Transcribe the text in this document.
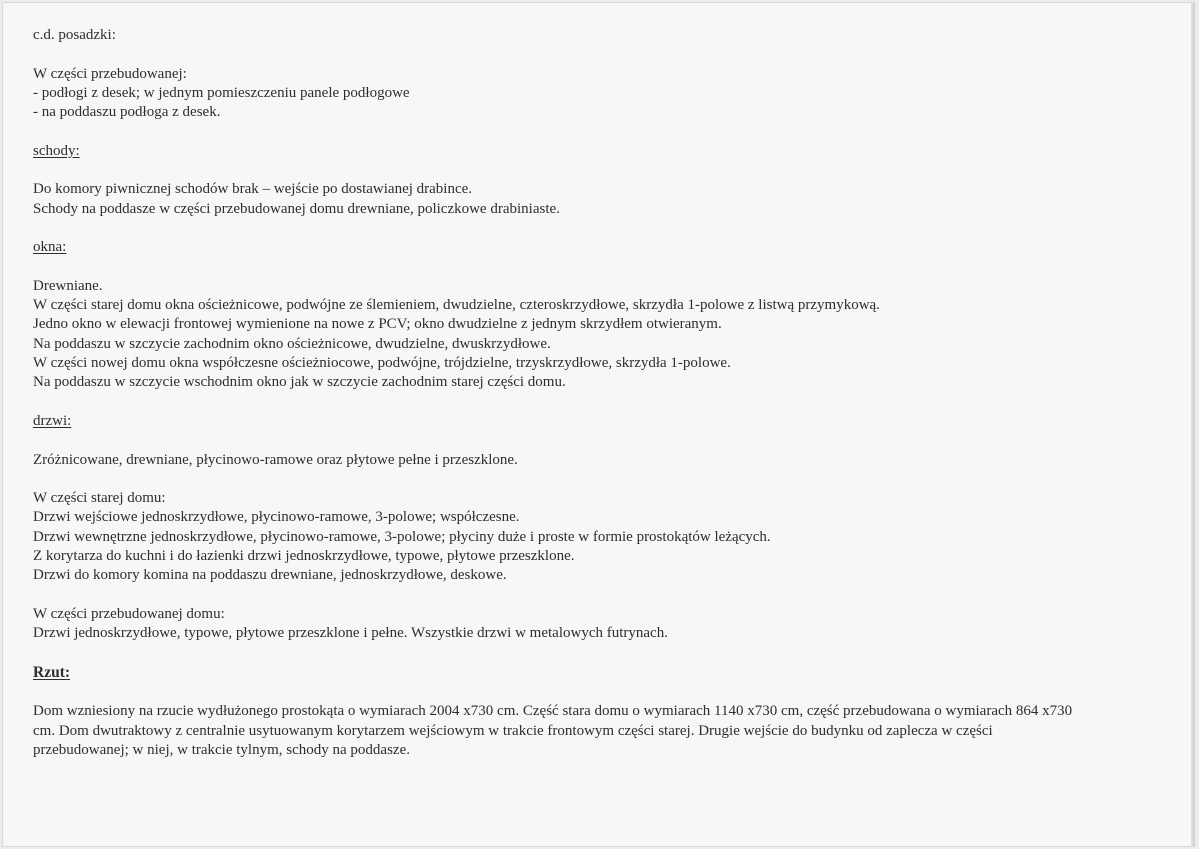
c.d. posadzki:
W części przebudowanej:
- podłogi z desek; w jednym pomieszczeniu panele podłogowe
- na poddaszu podłoga z desek.
schody:
Do komory piwnicznej schodów brak – wejście po dostawianej drabince.
Schody na poddasze w części przebudowanej domu drewniane, policzkowe drabiniaste.
okna:
Drewniane.
W części starej domu okna ościeżnicowe, podwójne ze ślemieniem, dwudzielne, czteroskrzydłowe, skrzydła 1-polowe z listwą przymykową.
Jedno okno w elewacji frontowej wymienione na nowe z PCV; okno dwudzielne z jednym skrzydłem otwieranym.
Na poddaszu w szczycie zachodnim okno ościeżnicowe, dwudzielne, dwuskrzydłowe.
W części nowej domu okna współczesne ościeżniocowe, podwójne, trójdzielne, trzyskrzydłowe, skrzydła 1-polowe.
Na poddaszu w szczycie wschodnim okno jak w szczycie zachodnim starej części domu.
drzwi:
Zróżnicowane, drewniane, płycinowo-ramowe oraz płytowe pełne i przeszklone.
W części starej domu:
Drzwi wejściowe jednoskrzydłowe, płycinowo-ramowe, 3-polowe; współczesne.
Drzwi wewnętrzne jednoskrzydłowe, płycinowo-ramowe, 3-polowe; płyciny duże i proste w formie prostokątów leżących.
Z korytarza do kuchni i do łazienki drzwi jednoskrzydłowe, typowe, płytowe przeszklone.
Drzwi do komory komina na poddaszu drewniane, jednoskrzydłowe, deskowe.
W części przebudowanej domu:
Drzwi jednoskrzydłowe, typowe, płytowe przeszklone i pełne. Wszystkie drzwi w metalowych futrynach.
Rzut:
Dom wzniesiony na rzucie wydłużonego prostokąta o wymiarach 2004 x730 cm. Część stara domu o wymiarach 1140 x730 cm, część przebudowana o wymiarach 864 x730 cm. Dom dwutraktowy z centralnie usytuowanym korytarzem wejściowym w trakcie frontowym części starej. Drugie wejście do budynku od zaplecza w części przebudowanej; w niej, w trakcie tylnym, schody na poddasze.
